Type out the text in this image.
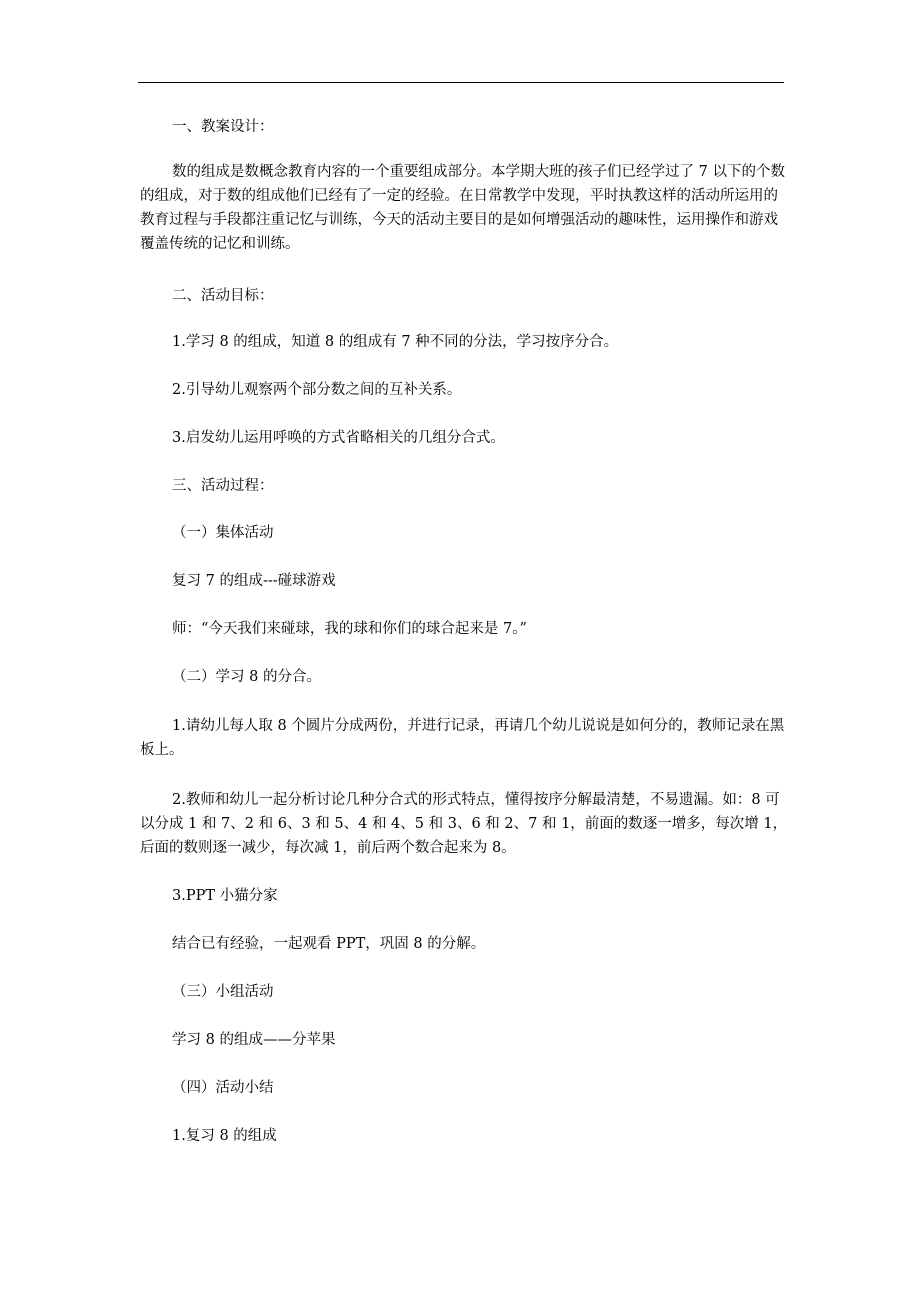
一、教案设计：

数的组成是数概念教育内容的一个重要组成部分。本学期大班的孩子们已经学过了 7 以下的个数的组成，对于数的组成他们已经有了一定的经验。在日常教学中发现，平时执教这样的活动所运用的教育过程与手段都注重记忆与训练，今天的活动主要目的是如何增强活动的趣味性，运用操作和游戏覆盖传统的记忆和训练。

二、活动目标：

1.学习 8 的组成，知道 8 的组成有 7 种不同的分法，学习按序分合。

2.引导幼儿观察两个部分数之间的互补关系。

3.启发幼儿运用呼唤的方式省略相关的几组分合式。

三、活动过程：

（一）集体活动

复习 7 的组成---碰球游戏

师：“今天我们来碰球，我的球和你们的球合起来是 7。”

（二）学习 8 的分合。

1.请幼儿每人取 8 个圆片分成两份，并进行记录，再请几个幼儿说说是如何分的，教师记录在黑板上。

2.教师和幼儿一起分析讨论几种分合式的形式特点，懂得按序分解最清楚，不易遗漏。如：8 可以分成 1 和 7、2 和 6、3 和 5、4 和 4、5 和 3、6 和 2、7 和 1，前面的数逐一增多，每次增 1，后面的数则逐一减少，每次减 1，前后两个数合起来为 8。

3.PPT 小猫分家

结合已有经验，一起观看 PPT，巩固 8 的分解。

（三）小组活动

学习 8 的组成——分苹果

（四）活动小结

1.复习 8 的组成
